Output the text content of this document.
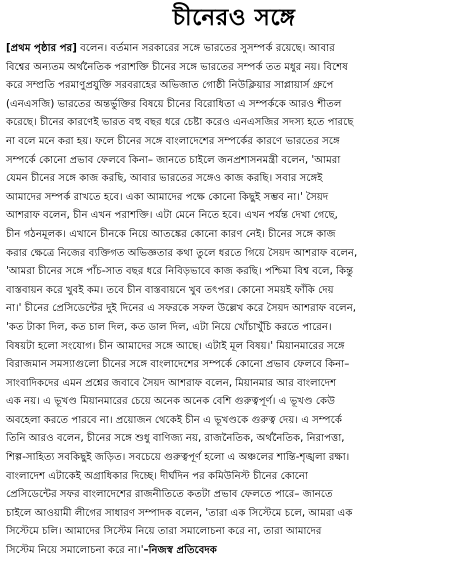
চীনেরও সঙ্গে
[প্রথম পৃষ্ঠার পর] বলেন। বর্তমান সরকারের সঙ্গে ভারতের সুসম্পর্ক রয়েছে। আবার
বিশ্বের অন্যতম অর্থনৈতিক পরাশক্তি চীনের সঙ্গে ভারতের সম্পর্ক তত মধুর নয়। বিশেষ
করে সম্প্রতি পরমাণুপ্রযুক্তি সরবরাহের অভিজাত গোষ্ঠী নিউক্লিয়ার সাপ্লায়ার্স গ্রুপে
(এনএসজি) ভারতের অন্তর্ভুক্তির বিষয়ে চীনের বিরোধিতা এ সম্পর্ককে আরও শীতল
করেছে। চীনের কারণেই ভারত বহু বছর ধরে চেষ্টা করেও এনএসজির সদস্য হতে পারছে
না বলে মনে করা হয়। ফলে চীনের সঙ্গে বাংলাদেশের সম্পর্কের কারণে ভারতের সঙ্গে
সম্পর্কে কোনো প্রভাব ফেলবে কিনা– জানতে চাইলে জনপ্রশাসনমন্ত্রী বলেন, 'আমরা
যেমন চীনের সঙ্গে কাজ করছি, আবার ভারতের সঙ্গেও কাজ করছি। সবার সঙ্গেই
আমাদের সম্পর্ক রাখতে হবে। একা আমাদের পক্ষে কোনো কিছুই সম্ভব না।' সৈয়দ
আশরাফ বলেন, চীন এখন পরাশক্তি। এটা মেনে নিতে হবে। এখন পর্যন্ত দেখা গেছে,
চীন গঠনমূলক। এখানে চীনকে নিয়ে আতঙ্কের কোনো কারণ নেই। চীনের সঙ্গে কাজ
করার ক্ষেত্রে নিজের ব্যক্তিগত অভিজ্ঞতার কথা তুলে ধরতে গিয়ে সৈয়দ আশরাফ বলেন,
'আমরা চীনের সঙ্গে পাঁচ-সাত বছর ধরে নিবিড়ভাবে কাজ করছি। পশ্চিমা বিশ্ব বলে, কিন্তু
বাস্তবায়ন করে খুবই কম। তবে চীন বাস্তবায়নে খুব তৎপর। কোনো সময়ই ফাঁকি দেয়
না।' চীনের প্রেসিডেন্টের দুই দিনের এ সফরকে সফল উল্লেখ করে সৈয়দ আশরাফ বলেন,
'কত টাকা দিল, কত চাল দিল, কত ডাল দিল, এটা নিয়ে খোঁচাখুঁচি করতে পারেন।
বিষয়টা হলো সংযোগ। চীন আমাদের সঙ্গে আছে। এটাই মূল বিষয়।' মিয়ানমারের সঙ্গে
বিরাজমান সমস্যাগুলো চীনের সঙ্গে বাংলাদেশের সম্পর্কে কোনো প্রভাব ফেলবে কিনা–
সাংবাদিকদের এমন প্রশ্নের জবাবে সৈয়দ আশরাফ বলেন, মিয়ানমার আর বাংলাদেশ
এক নয়। এ ভূখণ্ড মিয়ানমারের চেয়ে অনেক অনেক বেশি গুরুত্বপূর্ণ। এ ভূখণ্ড কেউ
অবহেলা করতে পারবে না। প্রয়োজন থেকেই চীন এ ভূখণ্ডকে গুরুত্ব দেয়। এ সম্পর্কে
তিনি আরও বলেন, চীনের সঙ্গে শুধু বাণিজ্য নয়, রাজনৈতিক, অর্থনৈতিক, নিরাপত্তা,
শিল্প-সাহিত্য সবকিছুই জড়িত। সবচেয়ে গুরুত্বপূর্ণ হলো এ অঞ্চলের শান্তি-শৃঙ্খলা রক্ষা।
বাংলাদেশ এটাকেই অগ্রাধিকার দিচ্ছে। দীর্ঘদিন পর কমিউনিস্ট চীনের কোনো
প্রেসিডেন্টের সফর বাংলাদেশের রাজনীতিতে কতটা প্রভাব ফেলতে পারে– জানতে
চাইলে আওয়ামী লীগের সাধারণ সম্পাদক বলেন, 'তারা এক সিস্টেমে চলে, আমরা এক
সিস্টেমে চলি। আমাদের সিস্টেম নিয়ে তারা সমালোচনা করে না, তারা আমাদের
সিস্টেম নিয়ে সমালোচনা করে না।'–নিজস্ব প্রতিবেদক
